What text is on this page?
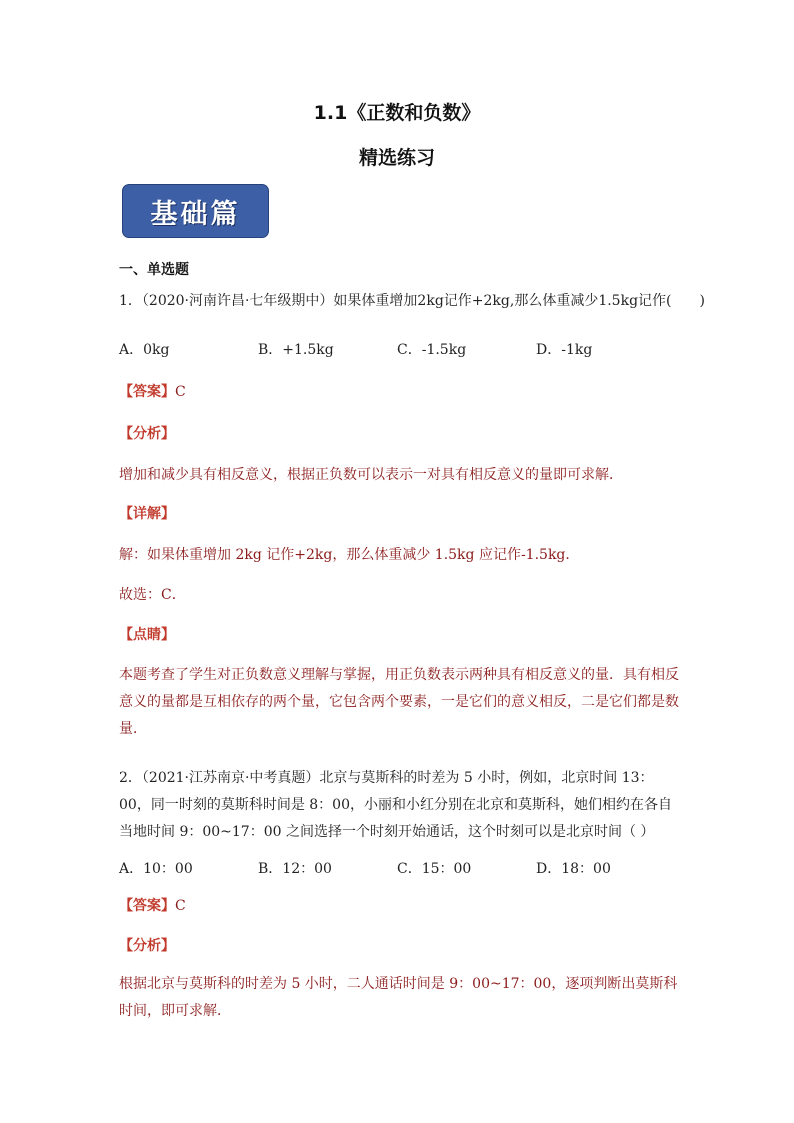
1.1《正数和负数》
精选练习
基础篇
一、单选题
1．（2020·河南许昌·七年级期中）如果体重增加2kg记作+2kg,那么体重减少1.5kg记作(　　)
A．0kg	B．+1.5kg	C．-1.5kg	D．-1kg
【答案】C
【分析】
增加和减少具有相反意义，根据正负数可以表示一对具有相反意义的量即可求解．
【详解】
解：如果体重增加 2kg 记作+2kg，那么体重减少 1.5kg 应记作-1.5kg．
故选：C．
【点睛】
本题考查了学生对正负数意义理解与掌握，用正负数表示两种具有相反意义的量．具有相反意义的量都是互相依存的两个量，它包含两个要素，一是它们的意义相反，二是它们都是数量．
2．（2021·江苏南京·中考真题）北京与莫斯科的时差为 5 小时，例如，北京时间 13：00，同一时刻的莫斯科时间是 8：00，小丽和小红分别在北京和莫斯科，她们相约在各自当地时间 9：00~17：00 之间选择一个时刻开始通话，这个时刻可以是北京时间（ ）
A．10：00	B．12：00	C．15：00	D．18：00
【答案】C
【分析】
根据北京与莫斯科的时差为 5 小时，二人通话时间是 9：00~17：00，逐项判断出莫斯科时间，即可求解．
